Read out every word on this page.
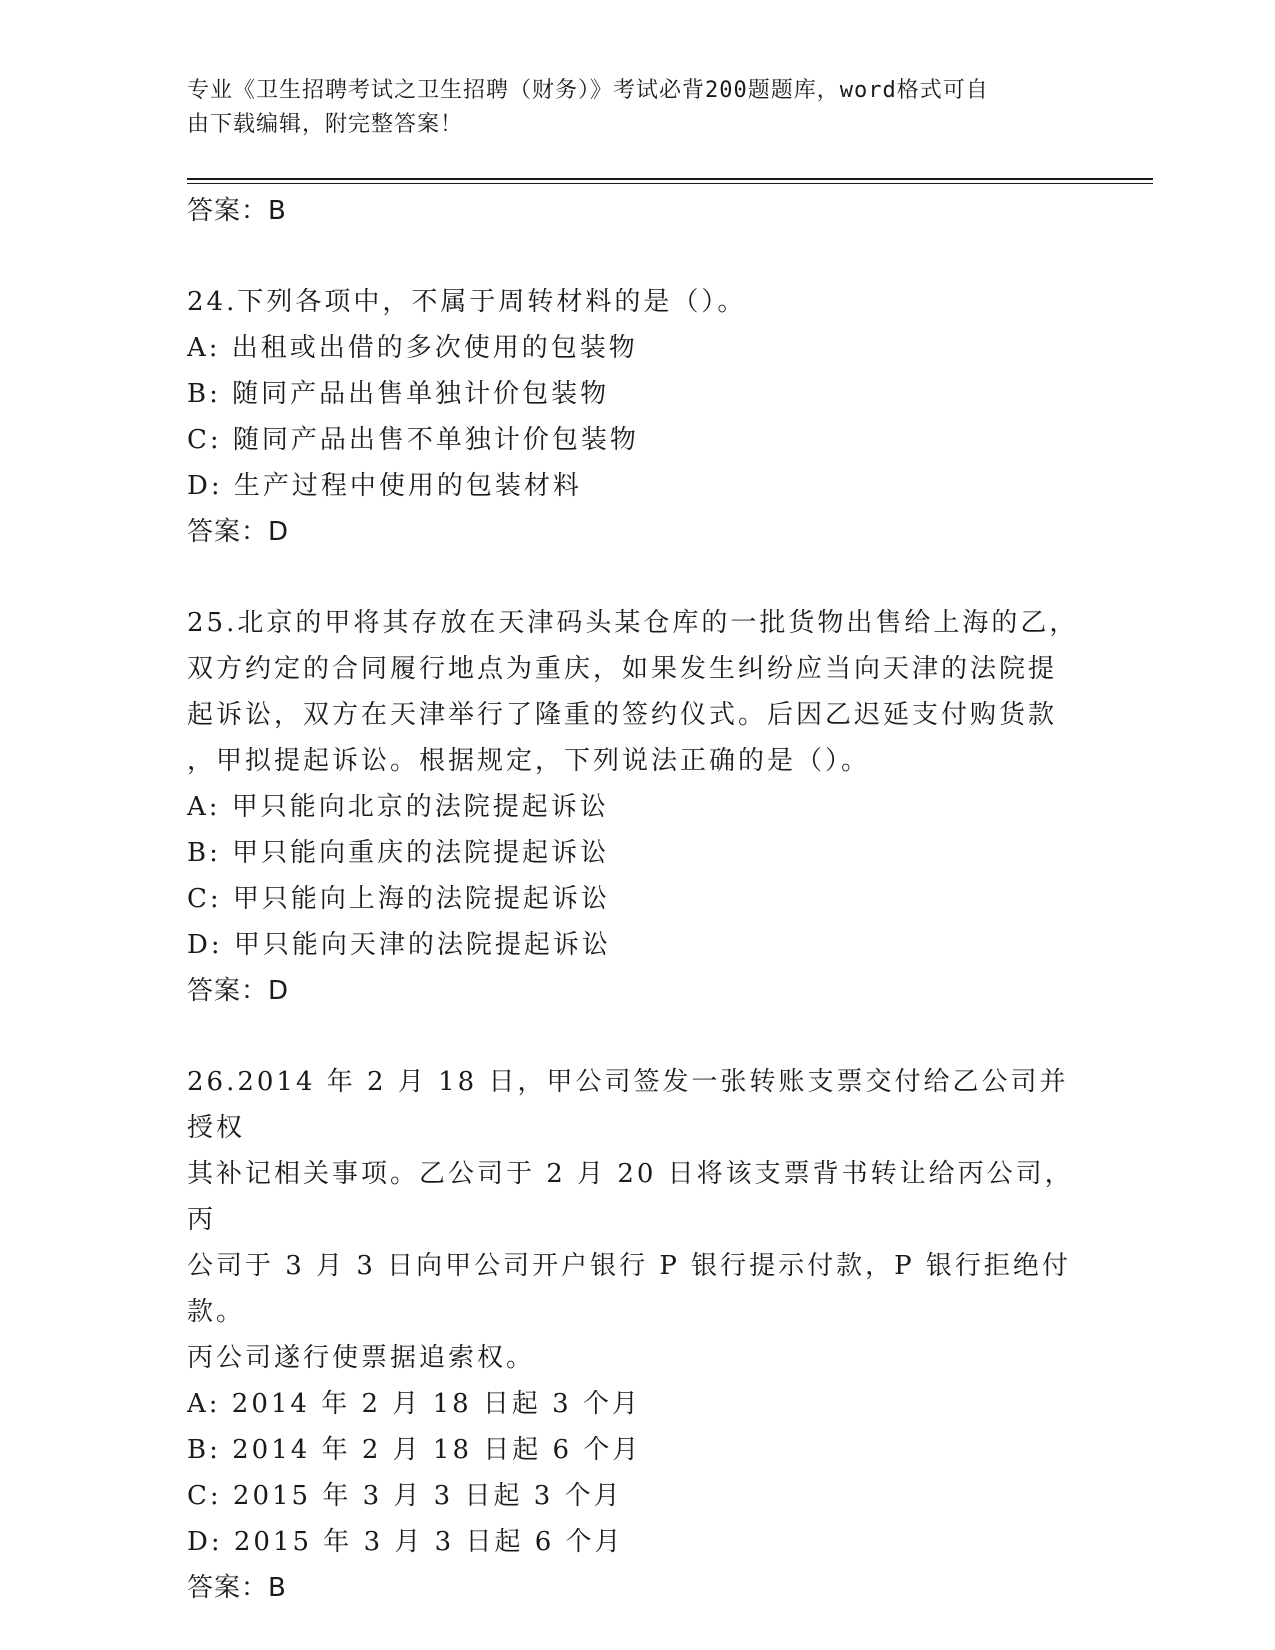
专业《卫生招聘考试之卫生招聘（财务）》考试必背200题题库，word格式可自
由下载编辑，附完整答案！
答案：B
24.下列各项中，不属于周转材料的是（）。
A: 出租或出借的多次使用的包装物
B: 随同产品出售单独计价包装物
C: 随同产品出售不单独计价包装物
D: 生产过程中使用的包装材料
答案：D
25.北京的甲将其存放在天津码头某仓库的一批货物出售给上海的乙，
双方约定的合同履行地点为重庆，如果发生纠纷应当向天津的法院提
起诉讼，双方在天津举行了隆重的签约仪式。后因乙迟延支付购货款
，甲拟提起诉讼。根据规定，下列说法正确的是（）。
A: 甲只能向北京的法院提起诉讼
B: 甲只能向重庆的法院提起诉讼
C: 甲只能向上海的法院提起诉讼
D: 甲只能向天津的法院提起诉讼
答案：D
26.2014 年 2 月 18 日，甲公司签发一张转账支票交付给乙公司并授权
其补记相关事项。乙公司于 2 月 20 日将该支票背书转让给丙公司，丙
公司于 3 月 3 日向甲公司开户银行 P 银行提示付款，P 银行拒绝付款。
丙公司遂行使票据追索权。
A: 2014 年 2 月 18 日起 3 个月
B: 2014 年 2 月 18 日起 6 个月
C: 2015 年 3 月 3 日起 3 个月
D: 2015 年 3 月 3 日起 6 个月
答案：B
